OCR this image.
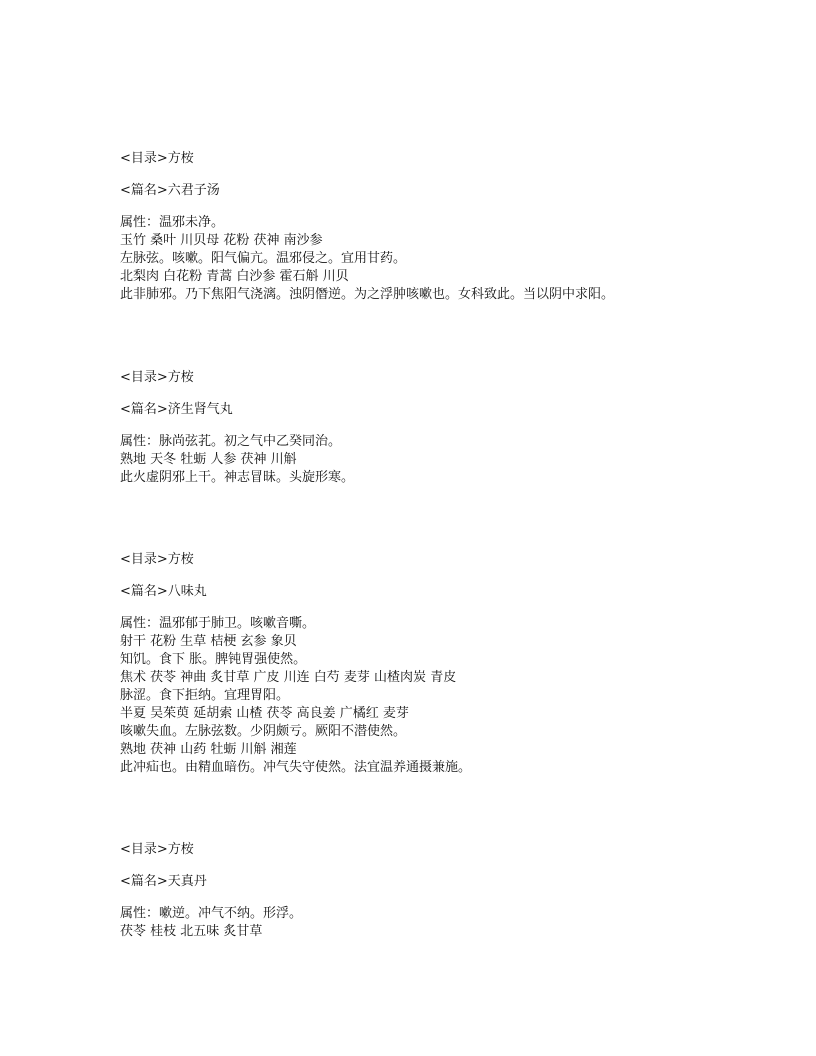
<目录>方桉
<篇名>六君子汤
属性：温邪未净。
玉竹 桑叶 川贝母 花粉 茯神 南沙参
左脉弦。咳嗽。阳气偏亢。温邪侵之。宜用甘药。
北梨肉 白花粉 青蒿 白沙参 霍石斛 川贝
此非肺邪。乃下焦阳气浇漓。浊阴僭逆。为之浮肿咳嗽也。女科致此。当以阴中求阳。
<目录>方桉
<篇名>济生肾气丸
属性：脉尚弦芤。初之气中乙癸同治。
熟地 天冬 牡蛎 人参 茯神 川斛
此火虚阴邪上干。神志冒昧。头旋形寒。
<目录>方桉
<篇名>八味丸
属性：温邪郁于肺卫。咳嗽音嘶。
射干 花粉 生草 桔梗 玄参 象贝
知饥。食下 胀。脾钝胃强使然。
焦术 茯苓 神曲 炙甘草 广皮 川连 白芍 麦芽 山楂肉炭 青皮
脉涩。食下拒纳。宜理胃阳。
半夏 吴茱萸 延胡索 山楂 茯苓 高良姜 广橘红 麦芽
咳嗽失血。左脉弦数。少阴颇亏。厥阳不潜使然。
熟地 茯神 山药 牡蛎 川斛 湘莲
此冲疝也。由精血暗伤。冲气失守使然。法宜温养通摄兼施。
<目录>方桉
<篇名>天真丹
属性：嗽逆。冲气不纳。形浮。
茯苓 桂枝 北五味 炙甘草
